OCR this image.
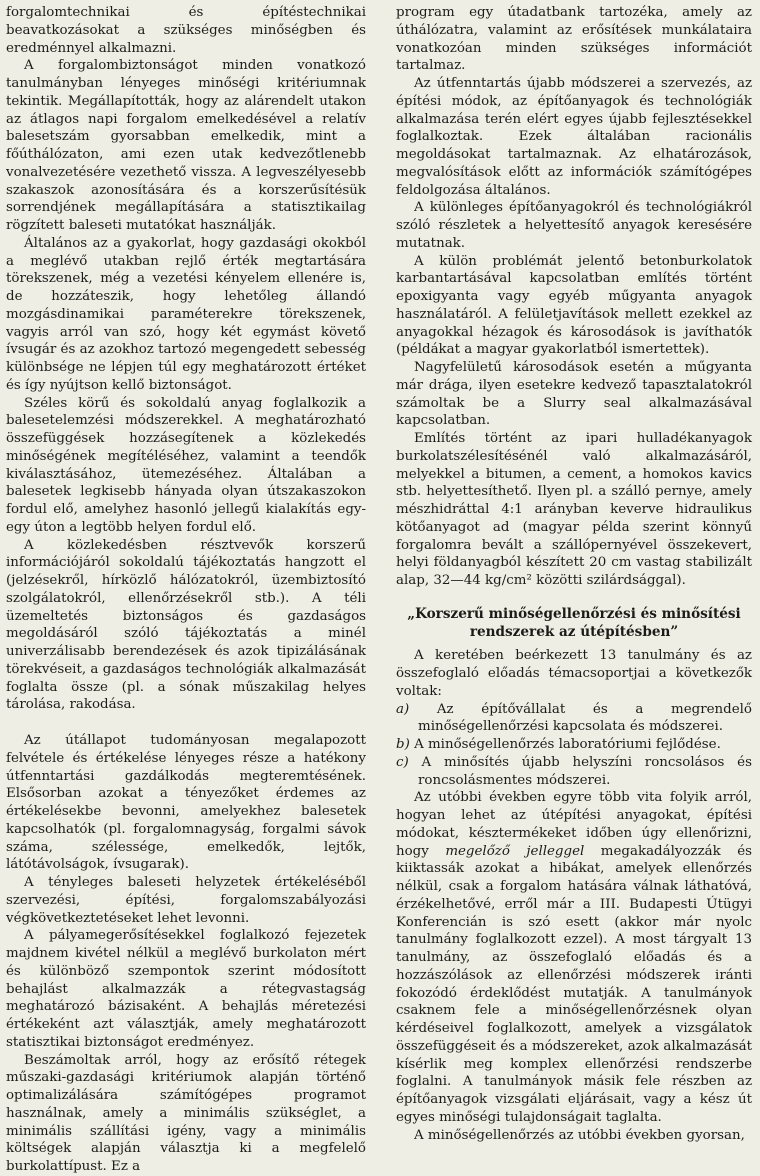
forgalomtechnikai és építéstechnikai beavatkozásokat a szükséges minőségben és eredménnyel alkalmazni.

A forgalombiztonságot minden vonatkozó tanulmányban lényeges minőségi kritériumnak tekintik. Megállapították, hogy az alárendelt utakon az átlagos napi forgalom emelkedésével a relatív balesetszám gyorsabban emelkedik, mint a főúthálózaton, ami ezen utak kedvezőtlenebb vonalvezetésére vezethető vissza. A legveszélyesebb szakaszok azonosítására és a korszerűsítésük sorrendjének megállapítására a statisztikailag rögzített baleseti mutatókat használják.

Általános az a gyakorlat, hogy gazdasági okokból a meglévő utakban rejlő érték megtartására törekszenek, még a vezetési kényelem ellenére is, de hozzáteszik, hogy lehetőleg állandó mozgásdinamikai paraméterekre törekszenek, vagyis arról van szó, hogy két egymást követő ívsugár és az azokhoz tartozó megengedett sebesség különbsége ne lépjen túl egy meghatározott értéket és így nyújtson kellő biztonságot.

Széles körű és sokoldalú anyag foglalkozik a balesetelemzési módszerekkel. A meghatározható összefüggések hozzásegítenek a közlekedés minőségének megítéléséhez, valamint a teendők kiválasztásához, ütemezéséhez. Általában a balesetek legkisebb hányada olyan útszakaszokon fordul elő, amelyhez hasonló jellegű kialakítás egy-egy úton a legtöbb helyen fordul elő.

A közlekedésben résztvevők korszerű információjáról sokoldalú tájékoztatás hangzott el (jelzésekről, hírközlő hálózatokról, üzembiztosító szolgálatokról, ellenőrzésekről stb.). A téli üzemeltetés biztonságos és gazdaságos megoldásáról szóló tájékoztatás a minél univerzálisabb berendezések és azok tipizálásának törekvéseit, a gazdaságos technológiák alkalmazását foglalta össze (pl. a sónak műszakilag helyes tárolása, rakodása.

Az útállapot tudományosan megalapozott felvétele és értékelése lényeges része a hatékony útfenntartási gazdálkodás megteremtésének. Elsősorban azokat a tényezőket érdemes az értékelésekbe bevonni, amelyekhez balesetek kapcsolhatók (pl. forgalomnagyság, forgalmi sávok száma, szélessége, emelkedők, lejtők, látótávolságok, ívsugarak).

A tényleges baleseti helyzetek értékeléséből szervezési, építési, forgalomszabályozási végkövetkeztetéseket lehet levonni.

A pályamegerősítésekkel foglalkozó fejezetek majdnem kivétel nélkül a meglévő burkolaton mért és különböző szempontok szerint módosított behajlást alkalmazzák a rétegvastagság meghatározó bázisaként. A behajlás méretezési értékeként azt választják, amely meghatározott statisztikai biztonságot eredményez.

Beszámoltak arról, hogy az erősítő rétegek műszaki-gazdasági kritériumok alapján történő optimalizálására számítógépes programot használnak, amely a minimális szükséglet, a minimális szállítási igény, vagy a minimális költségek alapján választja ki a megfelelő burkolattípust. Ez a

program egy útadatbank tartozéka, amely az úthálózatra, valamint az erősítések munkálataira vonatkozóan minden szükséges információt tartalmaz.

Az útfenntartás újabb módszerei a szervezés, az építési módok, az építőanyagok és technológiák alkalmazása terén elért egyes újabb fejlesztésekkel foglalkoztak. Ezek általában racionális megoldásokat tartalmaznak. Az elhatározások, megvalósítások előtt az információk számítógépes feldolgozása általános.

A különleges építőanyagokról és technológiákról szóló részletek a helyettesítő anyagok keresésére mutatnak.

A külön problémát jelentő betonburkolatok karbantartásával kapcsolatban említés történt epoxigyanta vagy egyéb műgyanta anyagok használatáról. A felületjavítások mellett ezekkel az anyagokkal hézagok és károsodások is javíthatók (példákat a magyar gyakorlatból ismertettek).

Nagyfelületű károsodások esetén a műgyanta már drága, ilyen esetekre kedvező tapasztalatokról számoltak be a Slurry seal alkalmazásával kapcsolatban.

Említés történt az ipari hulladékanyagok burkolatszélesítésénél való alkalmazásáról, melyekkel a bitumen, a cement, a homokos kavics stb. helyettesíthető. Ilyen pl. a szálló pernye, amely mészhidráttal 4:1 arányban keverve hidraulikus kötőanyagot ad (magyar példa szerint könnyű forgalomra bevált a szállópernyével összekevert, helyi földanyagból készített 20 cm vastag stabilizált alap, 32—44 kg/cm² közötti szilárdsággal).

„Korszerű minőségellenőrzési és minősítési rendszerek az útépítésben”

A keretében beérkezett 13 tanulmány és az összefoglaló előadás témacsoportjai a következők voltak:

a) Az építővállalat és a megrendelő minőségellenőrzési kapcsolata és módszerei.

b) A minőségellenőrzés laboratóriumi fejlődése.

c) A minősítés újabb helyszíni roncsolásos és roncsolásmentes módszerei.

Az utóbbi években egyre több vita folyik arról, hogyan lehet az útépítési anyagokat, építési módokat, késztermékeket időben úgy ellenőrizni, hogy megelőző jelleggel megakadályozzák és kiiktassák azokat a hibákat, amelyek ellenőrzés nélkül, csak a forgalom hatására válnak láthatóvá, érzékelhetővé, erről már a III. Budapesti Útügyi Konferencián is szó esett (akkor már nyolc tanulmány foglalkozott ezzel). A most tárgyalt 13 tanulmány, az összefoglaló előadás és a hozzászólások az ellenőrzési módszerek iránti fokozódó érdeklődést mutatják. A tanulmányok csaknem fele a minőségellenőrzésnek olyan kérdéseivel foglalkozott, amelyek a vizsgálatok összefüggéseit és a módszereket, azok alkalmazását kísérlik meg komplex ellenőrzési rendszerbe foglalni. A tanulmányok másik fele részben az építőanyagok vizsgálati eljárásait, vagy a kész út egyes minőségi tulajdonságait taglalta.

A minőségellenőrzés az utóbbi években gyorsan,
